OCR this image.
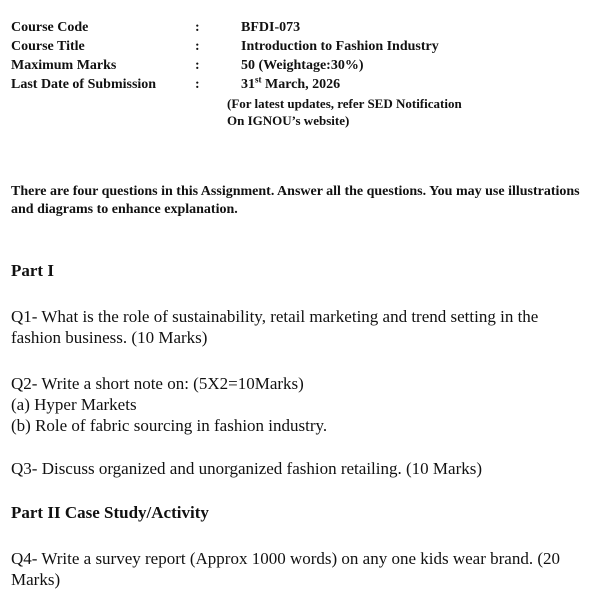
Course Code	:	BFDI-073
Course Title	:	Introduction to Fashion Industry
Maximum Marks	:	50 (Weightage:30%)
Last Date of Submission	:	31st March, 2026
(For latest updates, refer SED Notification
On IGNOU’s website)
There are four questions in this Assignment. Answer all the questions. You may use illustrations and diagrams to enhance explanation.
Part I
Q1- What is the role of sustainability, retail marketing and trend setting in the fashion business. (10 Marks)
Q2- Write a short note on: (5X2=10Marks)
(a) Hyper Markets
(b) Role of fabric sourcing in fashion industry.
Q3- Discuss organized and unorganized fashion retailing. (10 Marks)
Part II Case Study/Activity
Q4- Write a survey report (Approx 1000 words) on any one kids wear brand. (20 Marks)
